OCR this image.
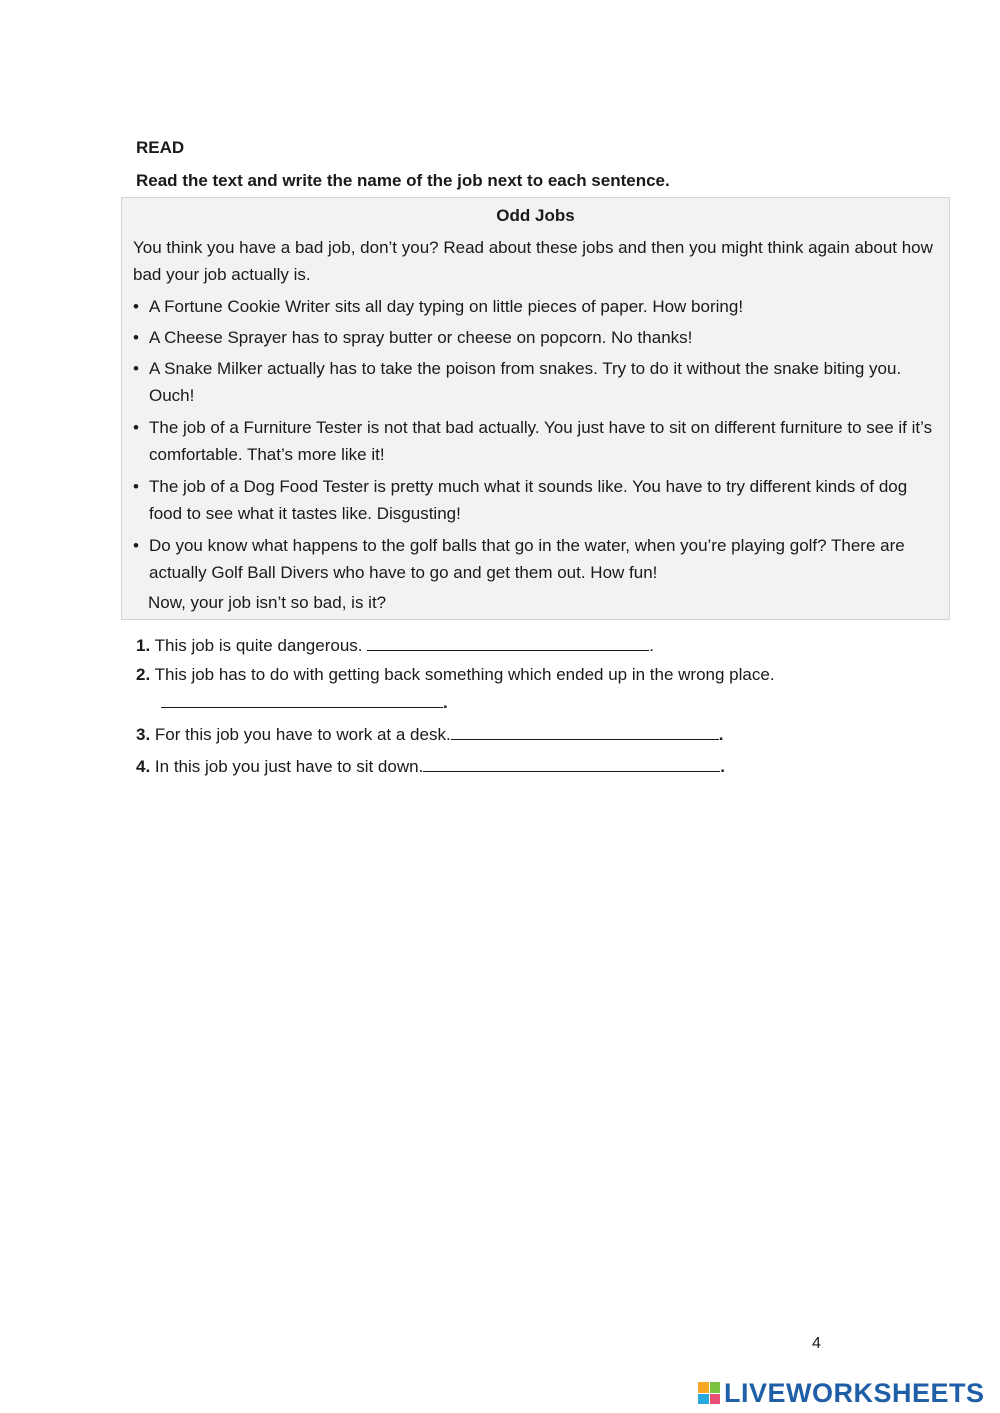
READ
Read the text and write the name of the job next to each sentence.
Odd Jobs
You think you have a bad job, don’t you? Read about these jobs and then you might think again about how bad your job actually is.
• A Fortune Cookie Writer sits all day typing on little pieces of paper. How boring!
• A Cheese Sprayer has to spray butter or cheese on popcorn. No thanks!
• A Snake Milker actually has to take the poison from snakes. Try to do it without the snake biting you. Ouch!
• The job of a Furniture Tester is not that bad actually. You just have to sit on different furniture to see if it’s comfortable. That’s more like it!
• The job of a Dog Food Tester is pretty much what it sounds like. You have to try different kinds of dog food to see what it tastes like. Disgusting!
• Do you know what happens to the golf balls that go in the water, when you’re playing golf? There are actually Golf Ball Divers who have to go and get them out. How fun!
Now, your job isn’t so bad, is it?
1. This job is quite dangerous.	.
2. This job has to do with getting back something which ended up in the wrong place.
.
3. For this job you have to work at a desk.	.
4. In this job you just have to sit down.	.
4
LIVEWORKSHEETS
